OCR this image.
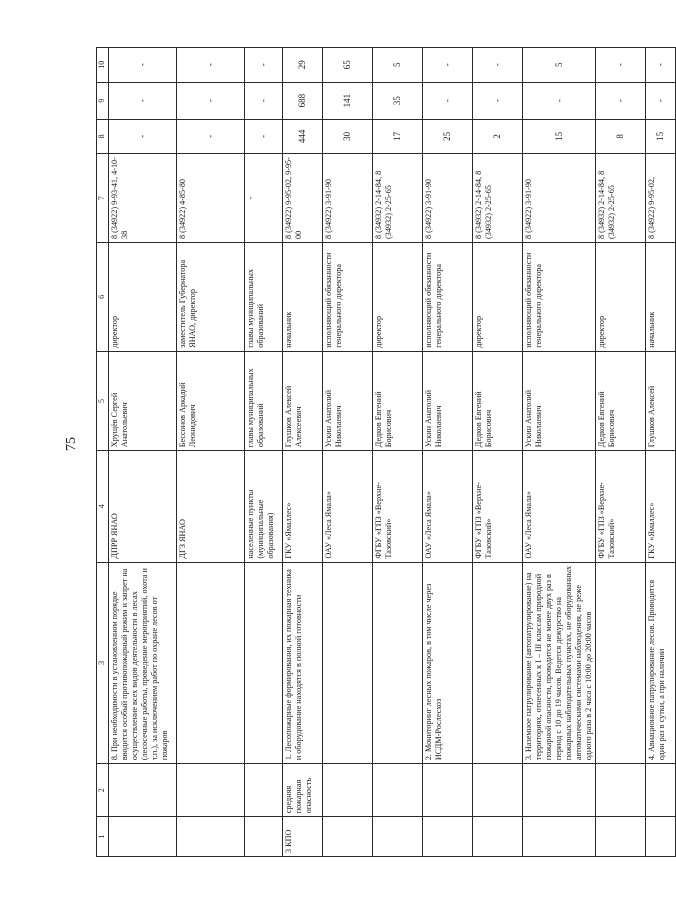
75
1	2	3	4	5	6	7	8	9	10
		8. При необходимости в установленном порядке вводится особый противопожарный режим и запрет на осуществление всех видов деятельности в лесах (лесосечные работы, проведение мероприятий, охота и т.п.), за исключением работ по охране лесов от пожаров	ДПРР ЯНАО	Хрущёв Сергей Анатольевич	директор	8 (34922) 9-93-41, 4-10-38	-	-	-
			ДГЗ ЯНАО	Бессонов Аркадий Леонидович	заместитель Губернатора ЯНАО, директор	8 (34922) 4-85-80	-	-	-
			населенные пункты (муниципальные образования)	главы муниципальных образований	главы муниципальных образований	-	-	-	-
3 КПО	средняя пожарная опасность	1. Лесопожарные формирования, их пожарная техника и оборудование находятся в полной готовности	ГКУ «Ямаллес»	Глушков Алексей Алексеевич	начальник	8 (34922) 9-95-02, 9-95-00	444	688	29
			ОАУ «Леса Ямала»	Ускин Анатолий Николаевич	исполняющий обязанности генерального директора	8 (34922) 3-91-90	30	141	65
			ФГБУ «ГПЗ «Верхне-Тазовский»	Дедков Евгений Борисович	директор	8 (34932) 2-14-84, 8 (34932) 2-25-65	17	35	5
		2. Мониторинг лесных пожаров, в том числе через ИСДМ-Рослесхоз	ОАУ «Леса Ямала»	Ускин Анатолий Николаевич	исполняющий обязанности генерального директора	8 (34922) 3-91-90	25	-	-
			ФГБУ «ГПЗ «Верхне-Тазовский»	Дедков Евгений Борисович	директор	8 (34932) 2-14-84, 8 (34932) 2-25-65	2	-	-
		3. Наземное патрулирование (автопатрулирование) на территориях, отнесенных к I – III классам природной пожарной опасности, проводится не менее двух раз в период с 10 до 19 часов. Ведется дежурство на пожарных наблюдательных пунктах, не оборудованных автоматическими системами наблюдения, не реже одного раза в 2 часа с 10:00 до 20:00 часов	ОАУ «Леса Ямала»	Ускин Анатолий Николаевич	исполняющий обязанности генерального директора	8 (34922) 3-91-90	15	-	5
			ФГБУ «ГПЗ «Верхне-Тазовский»	Дедков Евгений Борисович	директор	8 (34932) 2-14-84, 8 (34932) 2-25-65	8	-	-
		4. Авиационное патрулирование лесов. Проводится один раз в сутки, а при наличии	ГКУ «Ямаллес»	Глушков Алексей	начальник	8 (34922) 9-95-02,	15	-	-
